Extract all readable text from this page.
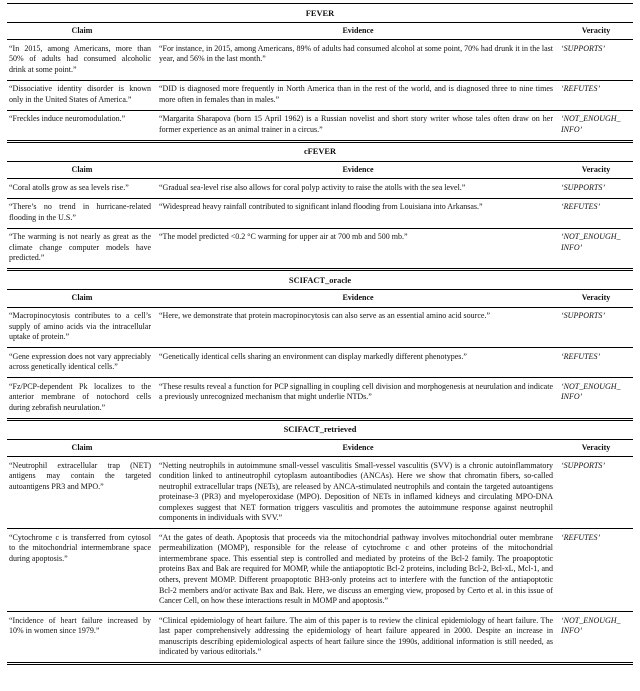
FEVER		
Claim	Evidence	Veracity
“In 2015, among Americans, more than 50% of adults had consumed alcoholic drink at some point.”	“For instance, in 2015, among Americans, 89% of adults had consumed alcohol at some point, 70% had drunk it in the last year, and 56% in the last month.”	‘SUPPORTS’
“Dissociative identity disorder is known only in the United States of America.”	“DID is diagnosed more frequently in North America than in the rest of the world, and is diagnosed three to nine times more often in females than in males.”	‘REFUTES’
“Freckles induce neuromodulation.”	“Margarita Sharapova (born 15 April 1962) is a Russian novelist and short story writer whose tales often draw on her former experience as an animal trainer in a circus.”	‘NOT_​ENOUGH_​INFO’
cFEVER		
Claim	Evidence	Veracity
“Coral atolls grow as sea levels rise.”	“Gradual sea-level rise also allows for coral polyp activity to raise the atolls with the sea level.”	‘SUPPORTS’
“There’s no trend in hurricane-related flooding in the U.S.”	“Widespread heavy rainfall contributed to significant inland flooding from Louisiana into Arkansas.”	‘REFUTES’
“The warming is not nearly as great as the climate change computer models have predicted.”	“The model predicted <0.2 °C warming for upper air at 700 mb and 500 mb.”	‘NOT_​ENOUGH_​INFO’
SCIFACT_oracle		
Claim	Evidence	Veracity
“Macropinocytosis contributes to a cell’s supply of amino acids via the intracellular uptake of protein.”	“Here, we demonstrate that protein macropinocytosis can also serve as an essential amino acid source.”	‘SUPPORTS’
“Gene expression does not vary appreciably across genetically identical cells.”	“Genetically identical cells sharing an environment can display markedly different phenotypes.”	‘REFUTES’
“Fz/PCP-dependent Pk localizes to the anterior membrane of notochord cells during zebrafish neurulation.”	“These results reveal a function for PCP signalling in coupling cell division and morphogenesis at neurulation and indicate a previously unrecognized mechanism that might underlie NTDs.”	‘NOT_​ENOUGH_​INFO’
SCIFACT_retrieved		
Claim	Evidence	Veracity
“Neutrophil extracellular trap (NET) antigens may contain the targeted autoantigens PR3 and MPO.”	“Netting neutrophils in autoimmune small-vessel vasculitis Small-vessel vasculitis (SVV) is a chronic autoinflammatory condition linked to antineutrophil cytoplasm autoantibodies (ANCAs). Here we show that chromatin fibers, so-called neutrophil extracellular traps (NETs), are released by ANCA-stimulated neutrophils and contain the targeted autoantigens proteinase-3 (PR3) and myeloperoxidase (MPO). Deposition of NETs in inflamed kidneys and circulating MPO-DNA complexes suggest that NET formation triggers vasculitis and promotes the autoimmune response against neutrophil components in individuals with SVV.”	‘SUPPORTS’
“Cytochrome c is transferred from cytosol to the mitochondrial intermembrane space during apoptosis.”	“At the gates of death. Apoptosis that proceeds via the mitochondrial pathway involves mitochondrial outer membrane permeabilization (MOMP), responsible for the release of cytochrome c and other proteins of the mitochondrial intermembrane space. This essential step is controlled and mediated by proteins of the Bcl-2 family. The proapoptotic proteins Bax and Bak are required for MOMP, while the antiapoptotic Bcl-2 proteins, including Bcl-2, Bcl-xL, Mcl-1, and others, prevent MOMP. Different proapoptotic BH3-only proteins act to interfere with the function of the antiapoptotic Bcl-2 members and/or activate Bax and Bak. Here, we discuss an emerging view, proposed by Certo et al. in this issue of Cancer Cell, on how these interactions result in MOMP and apoptosis.”	‘REFUTES’
“Incidence of heart failure increased by 10% in women since 1979.”	“Clinical epidemiology of heart failure. The aim of this paper is to review the clinical epidemiology of heart failure. The last paper comprehensively addressing the epidemiology of heart failure appeared in 2000. Despite an increase in manuscripts describing epidemiological aspects of heart failure since the 1990s, additional information is still needed, as indicated by various editorials.”	‘NOT_​ENOUGH_​INFO’
